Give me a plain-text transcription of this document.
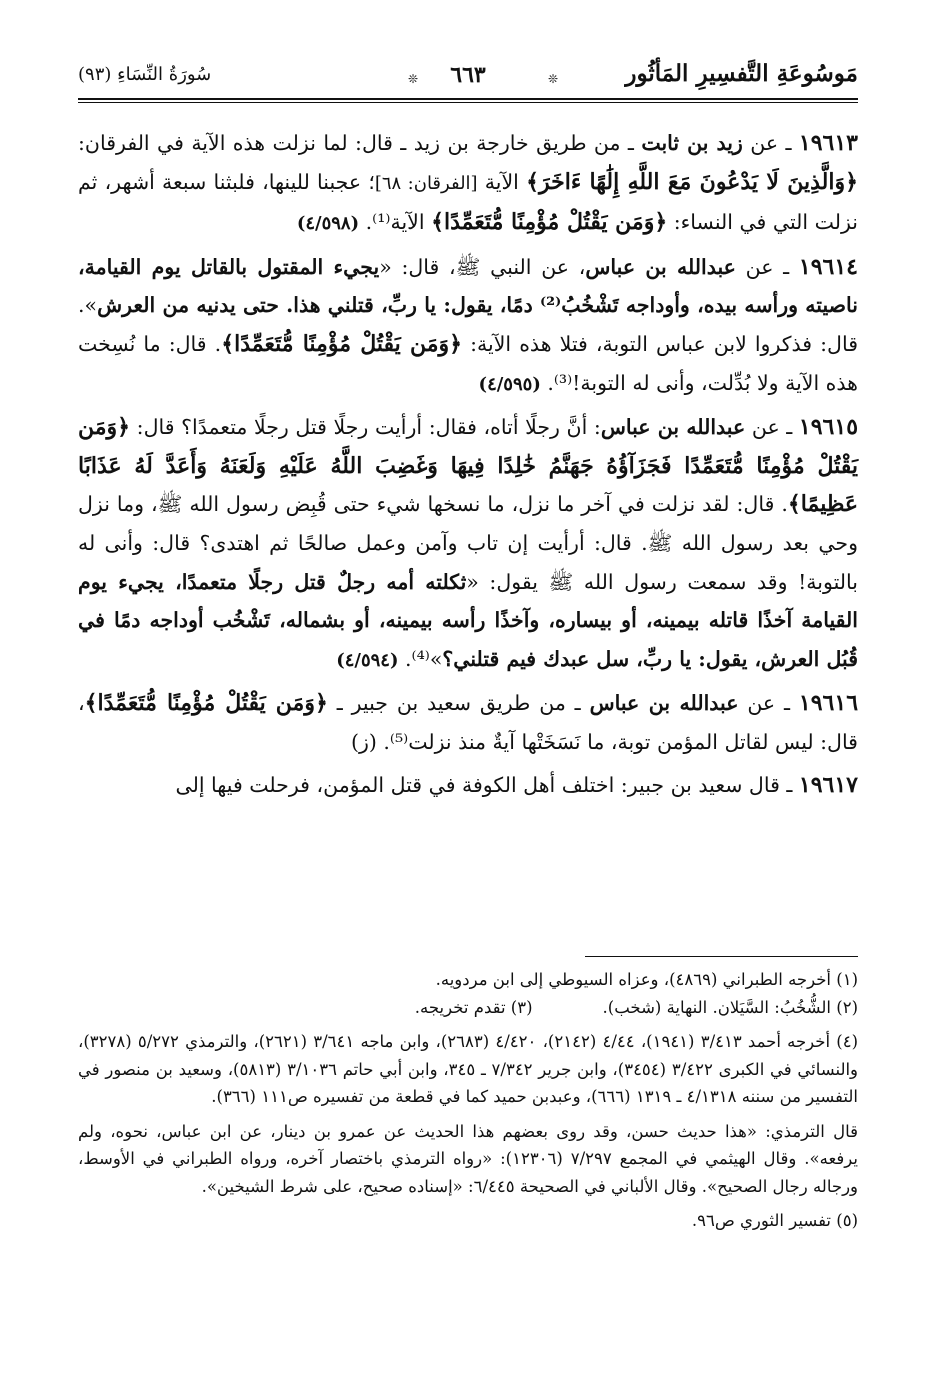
مَوسُوعَةِ التَّفسِيرِ المَأثُور
❊
٦٦٣
❊
سُورَةُ النِّسَاءِ (٩٣)

١٩٦١٣ ـ عن زيد بن ثابت ـ من طريق خارجة بن زيد ـ قال: لما نزلت هذه الآية في الفرقان: ﴿وَالَّذِينَ لَا يَدْعُونَ مَعَ اللَّهِ إِلَٰهًا ءَاخَرَ﴾ الآية [الفرقان: ٦٨]؛ عجبنا للينها، فلبثنا سبعة أشهر، ثم نزلت التي في النساء: ﴿وَمَن يَقْتُلْ مُؤْمِنًا مُّتَعَمِّدًا﴾ الآية⁽¹⁾. (٤/٥٩٨)

١٩٦١٤ ـ عن عبدالله بن عباس، عن النبي ﷺ، قال: «يجيء المقتول بالقاتل يوم القيامة، ناصيته ورأسه بيده، وأوداجه تَشْخُبُ⁽²⁾ دمًا، يقول: يا ربِّ، قتلني هذا. حتى يدنيه من العرش». قال: فذكروا لابن عباس التوبة، فتلا هذه الآية: ﴿وَمَن يَقْتُلْ مُؤْمِنًا مُّتَعَمِّدًا﴾. قال: ما نُسِخت هذه الآية ولا بُدِّلت، وأنى له التوبة!⁽³⁾. (٤/٥٩٥)

١٩٦١٥ ـ عن عبدالله بن عباس: أنَّ رجلًا أتاه، فقال: أرأيت رجلًا قتل رجلًا متعمدًا؟ قال: ﴿وَمَن يَقْتُلْ مُؤْمِنًا مُّتَعَمِّدًا فَجَزَآؤُهُ جَهَنَّمُ خَٰلِدًا فِيهَا وَغَضِبَ اللَّهُ عَلَيْهِ وَلَعَنَهُ وَأَعَدَّ لَهُ عَذَابًا عَظِيمًا﴾. قال: لقد نزلت في آخر ما نزل، ما نسخها شيء حتى قُبِض رسول الله ﷺ، وما نزل وحي بعد رسول الله ﷺ. قال: أرأيت إن تاب وآمن وعمل صالحًا ثم اهتدى؟ قال: وأنى له بالتوبة! وقد سمعت رسول الله ﷺ يقول: «ثكلته أمه رجلٌ قتل رجلًا متعمدًا، يجيء يوم القيامة آخذًا قاتله بيمينه، أو بيساره، وآخذًا رأسه بيمينه، أو بشماله، تَشْخُب أوداجه دمًا في قُبُل العرش، يقول: يا ربِّ، سل عبدك فيم قتلني؟»⁽⁴⁾. (٤/٥٩٤)

١٩٦١٦ ـ عن عبدالله بن عباس ـ من طريق سعيد بن جبير ـ ﴿وَمَن يَقْتُلْ مُؤْمِنًا مُّتَعَمِّدًا﴾، قال: ليس لقاتل المؤمن توبة، ما نَسَخَتْها آيةٌ منذ نزلت⁽⁵⁾. (ز)

١٩٦١٧ ـ قال سعيد بن جبير: اختلف أهل الكوفة في قتل المؤمن، فرحلت فيها إلى

(١) أخرجه الطبراني (٤٨٦٩)، وعزاه السيوطي إلى ابن مردويه.

(٢) الشُّخُبُ: السَّيَلان. النهاية (شخب).(٣) تقدم تخريجه.

(٤) أخرجه أحمد ٣/٤١٣ (١٩٤١)، ٤/٤٤ (٢١٤٢)، ٤/٤٢٠ (٢٦٨٣)، وابن ماجه ٣/٦٤١ (٢٦٢١)، والترمذي ٥/٢٧٢ (٣٢٧٨)، والنسائي في الكبرى ٣/٤٢٢ (٣٤٥٤)، وابن جرير ٧/٣٤٢ ـ ٣٤٥، وابن أبي حاتم ٣/١٠٣٦ (٥٨١٣)، وسعيد بن منصور في التفسير من سننه ٤/١٣١٨ ـ ١٣١٩ (٦٦٦)، وعبدبن حميد كما في قطعة من تفسيره ص١١١ (٣٦٦).

قال الترمذي: «هذا حديث حسن، وقد روى بعضهم هذا الحديث عن عمرو بن دينار، عن ابن عباس، نحوه، ولم يرفعه». وقال الهيثمي في المجمع ٧/٢٩٧ (١٢٣٠٦): «رواه الترمذي باختصار آخره، ورواه الطبراني في الأوسط، ورجاله رجال الصحيح». وقال الألباني في الصحيحة ٦/٤٤٥: «إسناده صحيح، على شرط الشيخين».

(٥) تفسير الثوري ص٩٦.
